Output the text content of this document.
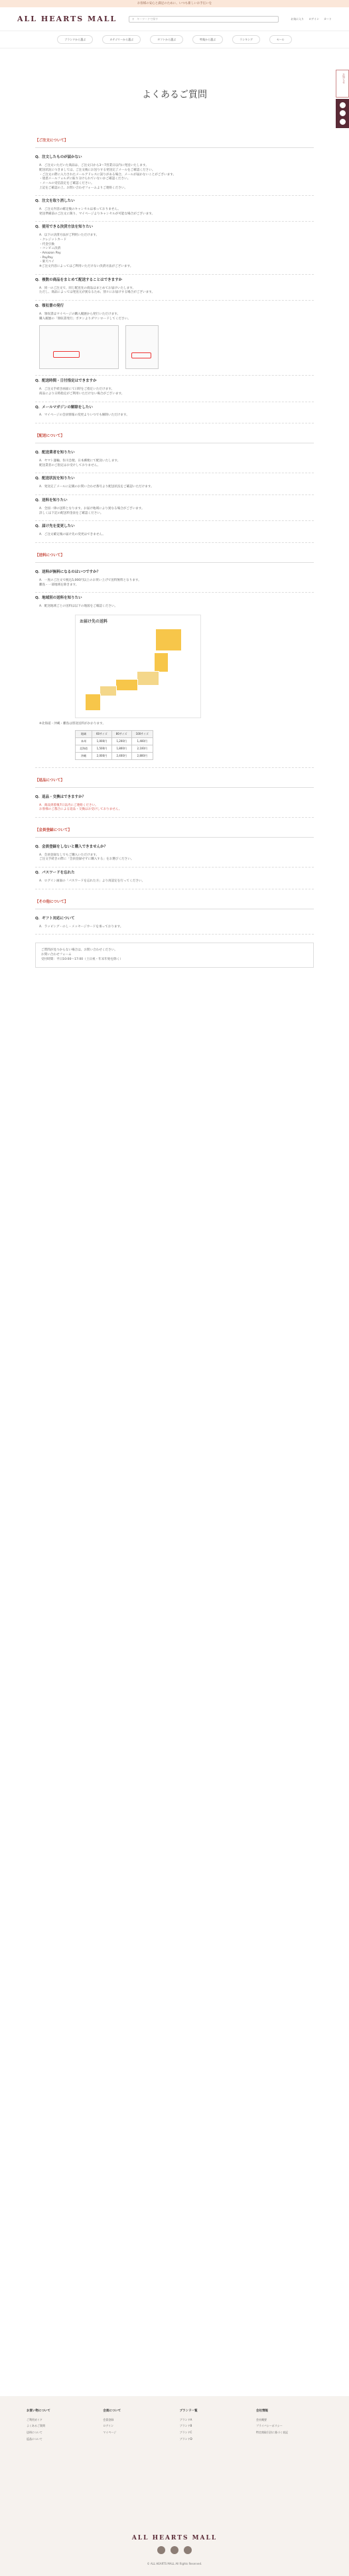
お客様の安心と満足のために、いつも新しいお手伝いを
ALL HEARTS MALL	⚲ キーワードで探す	お気に入り ログイン カート
ブランドから選ぶ	カテゴリーから選ぶ	ギフトから選ぶ	特集から選ぶ	ランキング	セール
お知らせ
よくあるご質問
【ご注文について】
Q．注文したものが届かない
A．ご注文いただいた商品は、ご注文日から3〜7営業日以内に発送いたします。
配送状況につきましては、ご注文後にお送りする発送完了メールをご確認ください。
・ご注文の際に入力されたメールアドレスに誤りがある場合、メールが届かないことがございます。
・迷惑メールフォルダに振り分けられていないかご確認ください。
・メールの受信設定をご確認ください。
上記をご確認の上、お問い合わせフォームよりご連絡ください。
Q．注文を取り消したい
A．ご注文内容の確定後のキャンセルは承っておりません。
発送準備前のご注文に限り、マイページよりキャンセルが可能な場合がございます。
Q．使用できる決済方法を知りたい
A．以下の決済方法がご利用いただけます。
・クレジットカード
・代金引換
・コンビニ決済
・Amazon Pay
・PayPay
・楽天ペイ
※ご注文内容によってはご利用いただけない決済方法がございます。
Q．複数の商品をまとめて配送することはできますか
A．同一のご注文で、同じ配送先の商品はまとめてお届けいたします。
ただし、商品によっては発送元が異なるため、別々にお届けする場合がございます。
Q．領収書の発行
A．領収書はマイページの購入履歴から発行いただけます。
購入履歴の「領収書発行」ボタンよりダウンロードしてください。
Q．配送時間・日付指定はできますか
A．ご注文手続き画面にて日時をご指定いただけます。
商品により日時指定がご利用いただけない場合がございます。
Q．メールマガジンの解除をしたい
A．マイページの会員情報の変更よりいつでも解除いただけます。
【配送について】
Q．配送業者を知りたい
A．ヤマト運輸、佐川急便、日本郵便にて配送いたします。
配送業者のご指定はお受けしておりません。
Q．配送状況を知りたい
A．発送完了メールに記載のお問い合わせ番号より配送状況をご確認いただけます。
Q．送料を知りたい
A．全国一律の送料となります。お届け地域により異なる場合がございます。
詳しくは下記の配送料金表をご確認ください。
Q．届け先を変更したい
A．ご注文確定後の届け先の変更はできません。
【送料について】
Q．送料が無料になるのはいつですか？
A．一度のご注文で税込5,000円以上のお買い上げで送料無料となります。
離島・一部地域を除きます。
Q．地域別の送料を知りたい
A．配送地域ごとの送料は以下の地図をご確認ください。
お届け先の送料
※北海道・沖縄・離島は別途送料がかかります。
地域	60サイズ	80サイズ	100サイズ
本州	1,000円	1,200円	1,400円
北海道	1,500円	1,800円	2,100円
沖縄	2,000円	2,400円	2,800円
【返品について】
Q．返品・交換はできますか？
A．商品到着後7日以内にご連絡ください。
お客様のご都合による返品・交換はお受けしておりません。
【会員登録について】
Q．会員登録をしないと購入できませんか？
A．会員登録なしでもご購入いただけます。
ご注文手続きの際に「会員登録せずに購入する」をお選びください。
Q．パスワードを忘れた
A．ログイン画面の「パスワードを忘れた方」より再設定を行ってください。
【その他について】
Q．ギフト対応について
A．ラッピング・のし・メッセージカードを承っております。
ご質問が見つからない場合は、お問い合わせください。
お問い合わせフォーム
受付時間：平日10:00〜17:00（土日祝・年末年始を除く）
お買い物について
ご利用ガイド
よくあるご質問
送料について
返品について
会員について
会員登録
ログイン
マイページ
ブランド一覧
ブランドA
ブランドB
ブランドC
ブランドD
会社情報
会社概要
プライバシーポリシー
特定商取引法に基づく表記
ALL HEARTS MALL
© ALL HEARTS MALL All Rights Reserved.
